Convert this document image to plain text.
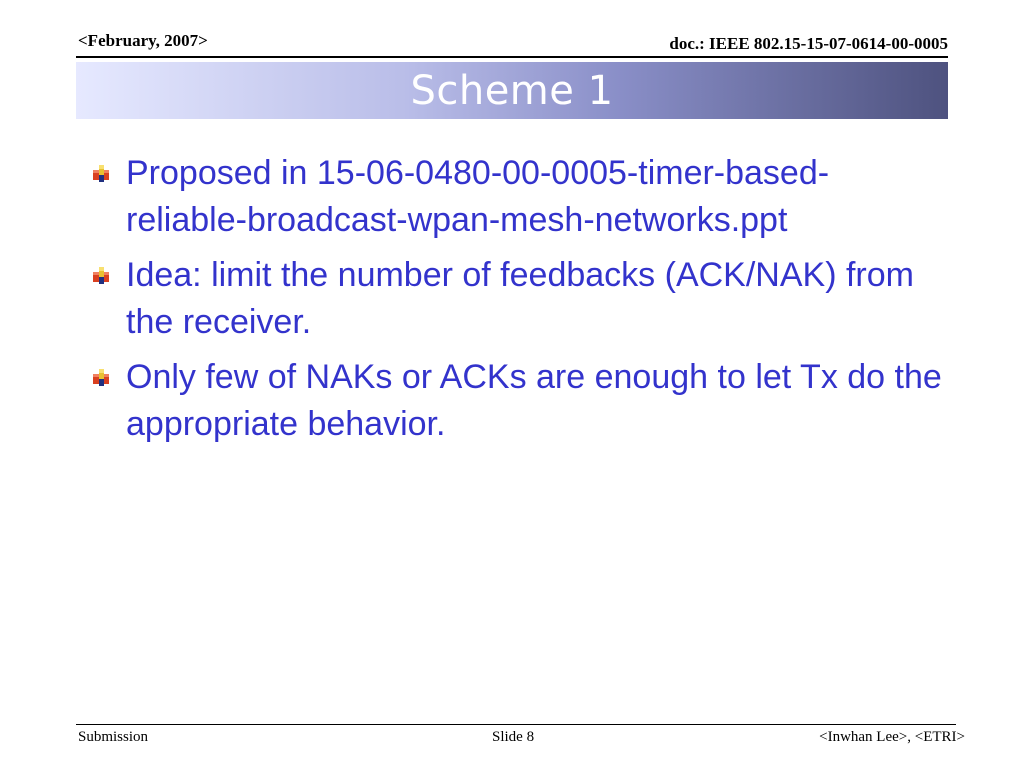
<February, 2007>	doc.: IEEE 802.15-15-07-0614-00-0005
Scheme 1
Proposed in 15-06-0480-00-0005-timer-based-reliable-broadcast-wpan-mesh-networks.ppt
Idea: limit the number of feedbacks (ACK/NAK) from the receiver.
Only few of NAKs or ACKs are enough to let Tx do the appropriate behavior.
Submission	Slide 8	<Inwhan Lee>, <ETRI>
